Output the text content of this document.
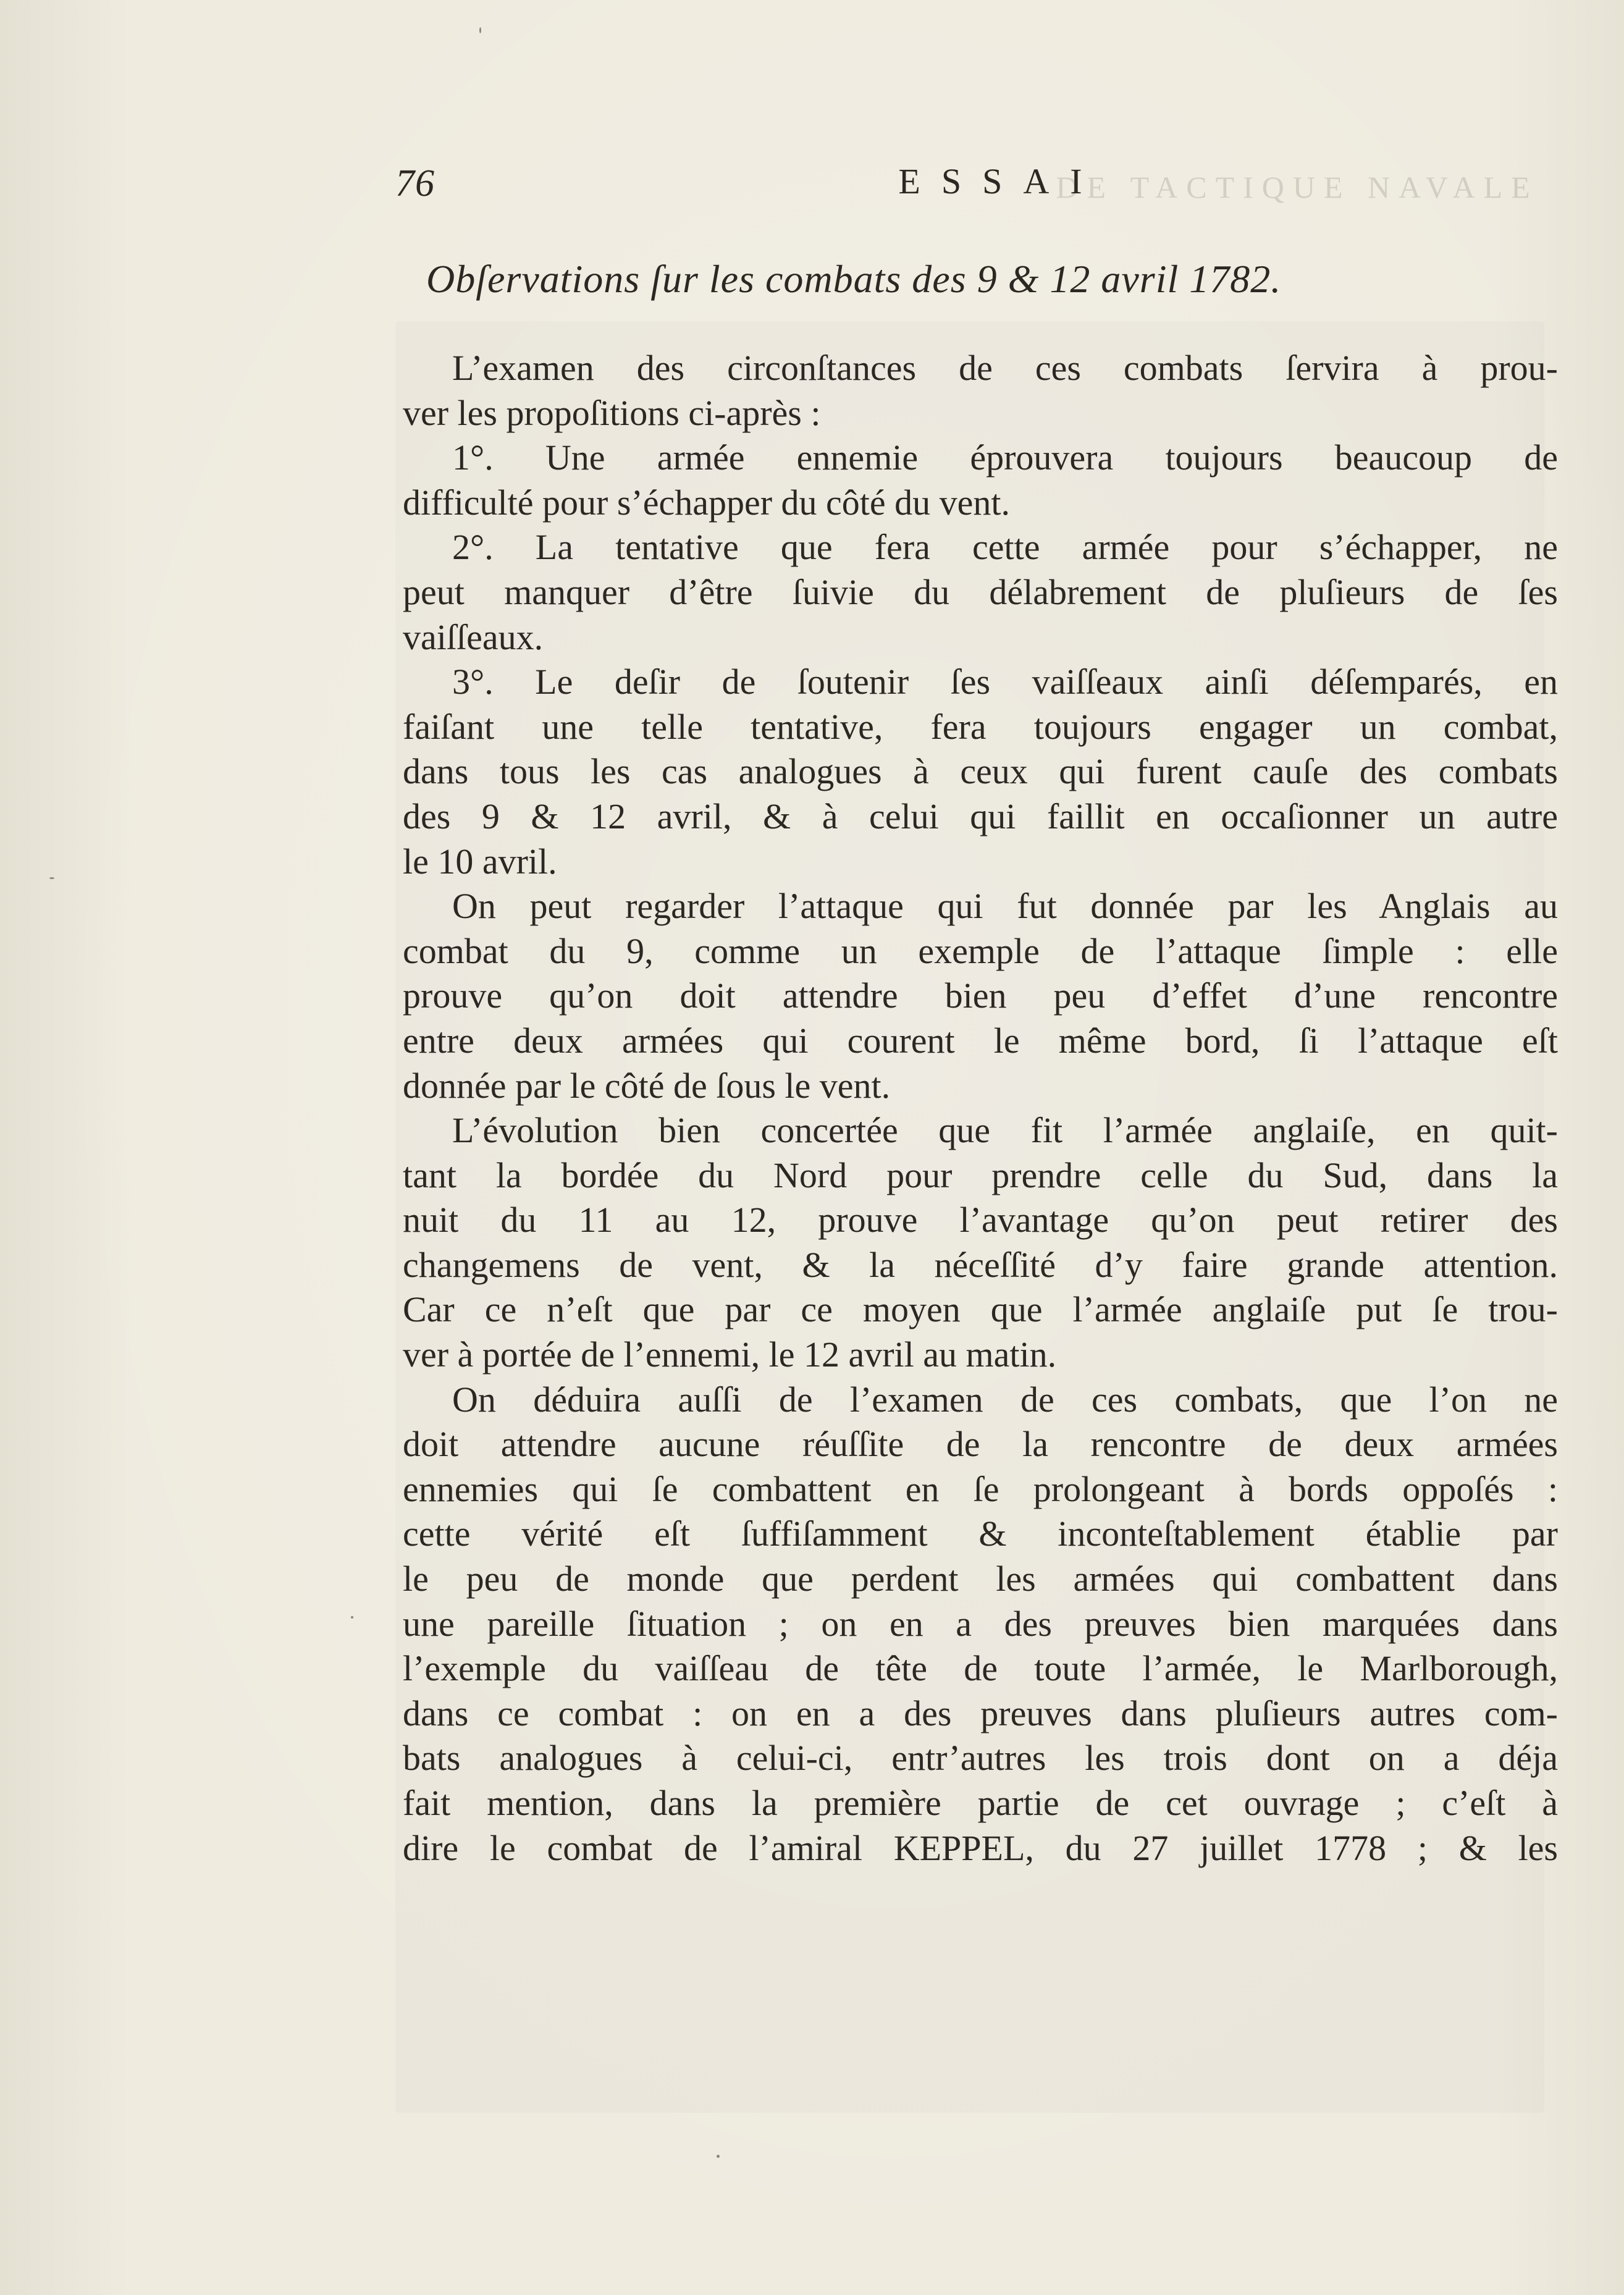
76	DE TACTIQUE NAVALE
ESSAI
Obſervations ſur les combats des 9 & 12 avril 1782.
L’examen des circonſtances de ces combats ſervira à prou-
ver les propoſitions ci-après :
1°. Une armée ennemie éprouvera toujours beaucoup de
difficulté pour s’échapper du côté du vent.
2°. La tentative que fera cette armée pour s’échapper, ne
peut manquer d’être ſuivie du délabrement de pluſieurs de ſes
vaiſſeaux.
3°. Le deſir de ſoutenir ſes vaiſſeaux ainſi déſemparés, en
faiſant une telle tentative, fera toujours engager un combat,
dans tous les cas analogues à ceux qui furent cauſe des combats
des 9 & 12 avril, & à celui qui faillit en occaſionner un autre
le 10 avril.
On peut regarder l’attaque qui fut donnée par les Anglais au
combat du 9, comme un exemple de l’attaque ſimple : elle
prouve qu’on doit attendre bien peu d’effet d’une rencontre
entre deux armées qui courent le même bord, ſi l’attaque eſt
donnée par le côté de ſous le vent.
L’évolution bien concertée que fit l’armée anglaiſe, en quit-
tant la bordée du Nord pour prendre celle du Sud, dans la
nuit du 11 au 12, prouve l’avantage qu’on peut retirer des
changemens de vent, & la néceſſité d’y faire grande attention.
Car ce n’eſt que par ce moyen que l’armée anglaiſe put ſe trou-
ver à portée de l’ennemi, le 12 avril au matin.
On déduira auſſi de l’examen de ces combats, que l’on ne
doit attendre aucune réuſſite de la rencontre de deux armées
ennemies qui ſe combattent en ſe prolongeant à bords oppoſés :
cette vérité eſt ſuffiſamment & inconteſtablement établie par
le peu de monde que perdent les armées qui combattent dans
une pareille ſituation ; on en a des preuves bien marquées dans
l’exemple du vaiſſeau de tête de toute l’armée, le Marlborough,
dans ce combat : on en a des preuves dans pluſieurs autres com-
bats analogues à celui-ci, entr’autres les trois dont on a déja
fait mention, dans la première partie de cet ouvrage ; c’eſt à
dire le combat de l’amiral KEPPEL, du 27 juillet 1778 ; & les
